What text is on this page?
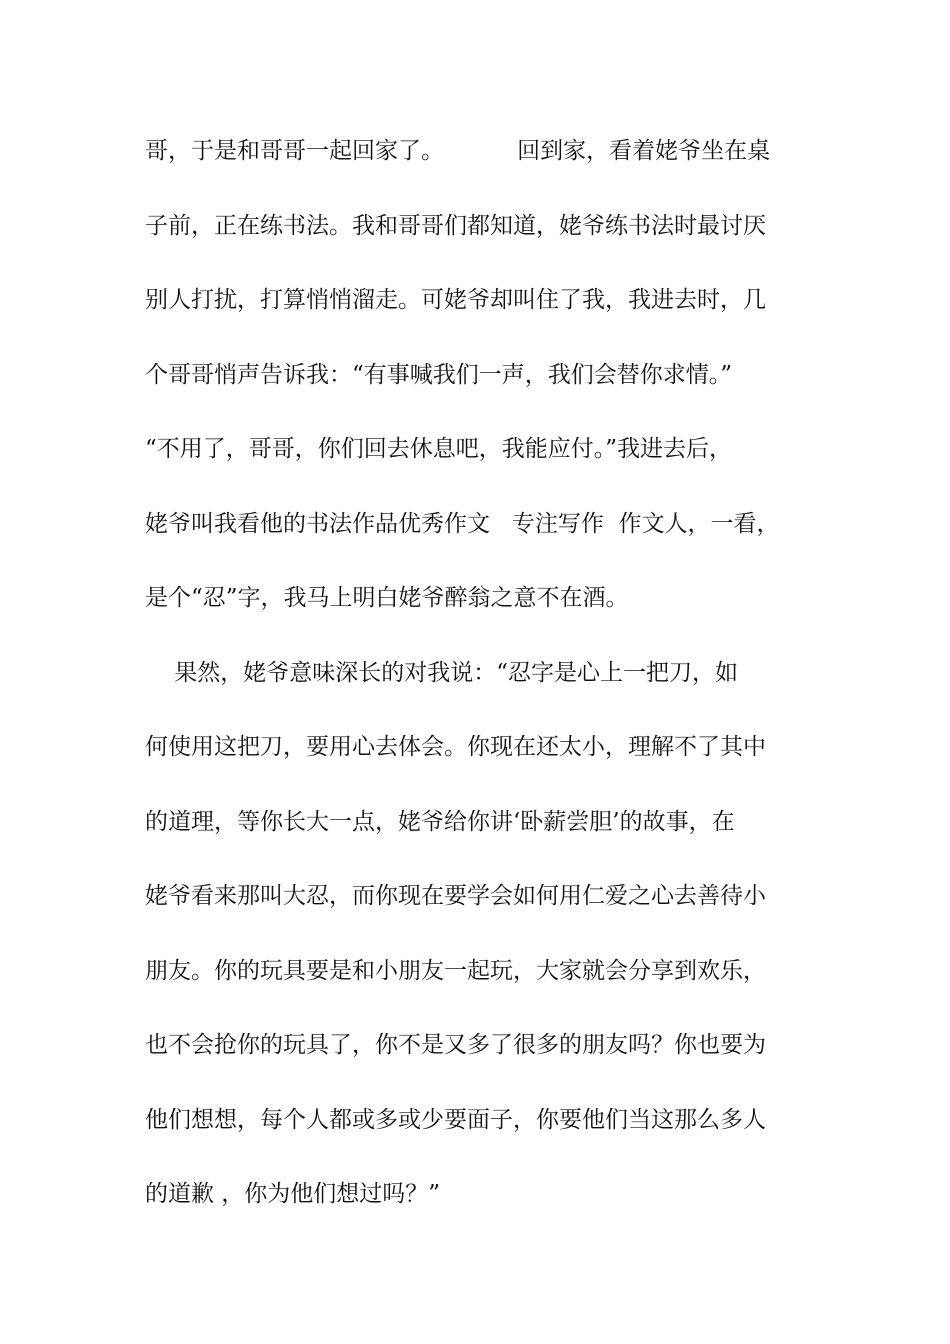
哥，于是和哥哥一起回家了。          回到家，看着姥爷坐在桌
子前，正在练书法。我和哥哥们都知道，姥爷练书法时最讨厌
别人打扰，打算悄悄溜走。可姥爷却叫住了我，我进去时，几
个哥哥悄声告诉我：“有事喊我们一声，我们会替你求情。”
“不用了，哥哥，你们回去休息吧，我能应付。”我进去后，
姥爷叫我看他的书法作品优秀作文   专注写作  作文人，一看，
是个“忍”字，我马上明白姥爷醉翁之意不在酒。
果然，姥爷意味深长的对我说：“忍字是心上一把刀，如
何使用这把刀，要用心去体会。你现在还太小，理解不了其中
的道理，等你长大一点，姥爷给你讲‘卧薪尝胆’的故事，在
姥爷看来那叫大忍，而你现在要学会如何用仁爱之心去善待小
朋友。你的玩具要是和小朋友一起玩，大家就会分享到欢乐，
也不会抢你的玩具了，你不是又多了很多的朋友吗？你也要为
他们想想，每个人都或多或少要面子，你要他们当这那么多人
的道歉 ，你为他们想过吗？”
